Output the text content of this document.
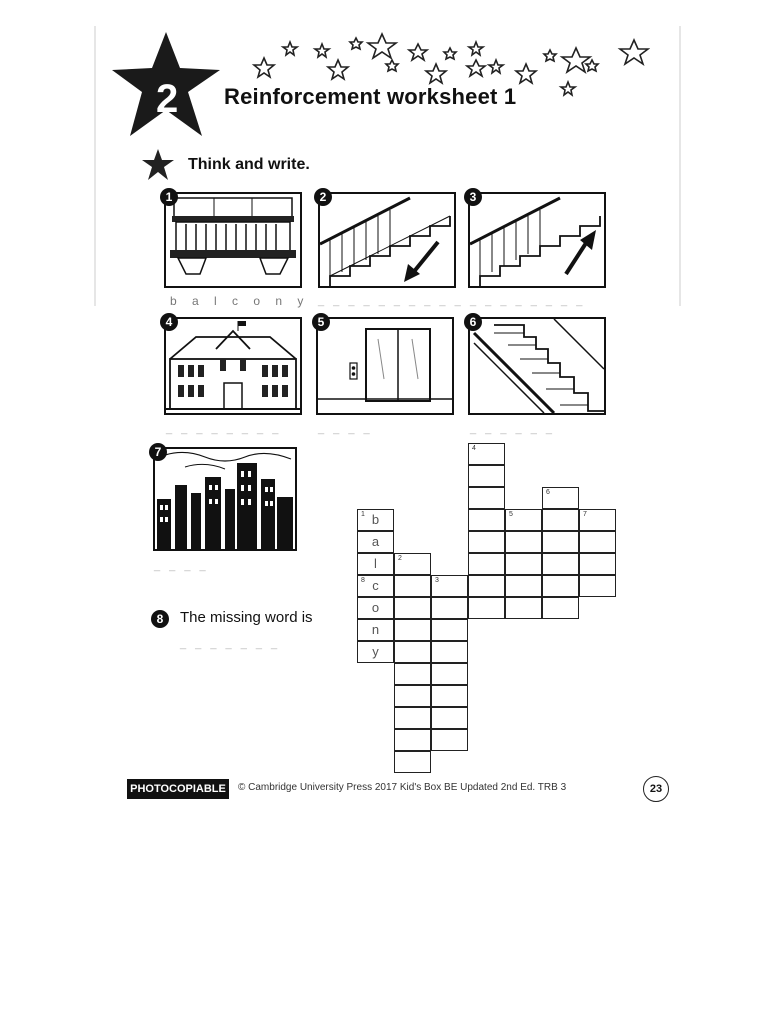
Unit
2 Reinforcement worksheet 1
Think and write.
1
b a l c o n y
2
_ _ _ _ _ _ _ _ _ _
3
_ _ _ _ _ _ _ _
4
_ _ _ _ _ _ _ _
5
_ _ _ _
6
_ _ _ _ _ _
7
_ _ _ _
8	The missing word is
_ _ _ _ _ _ _
1 b
a
l
8 c
o
n
y
2
3
4
5
6
7
PHOTOCOPIABLE	© Cambridge University Press 2017 Kid's Box BE Updated 2nd Ed. TRB 3	23
